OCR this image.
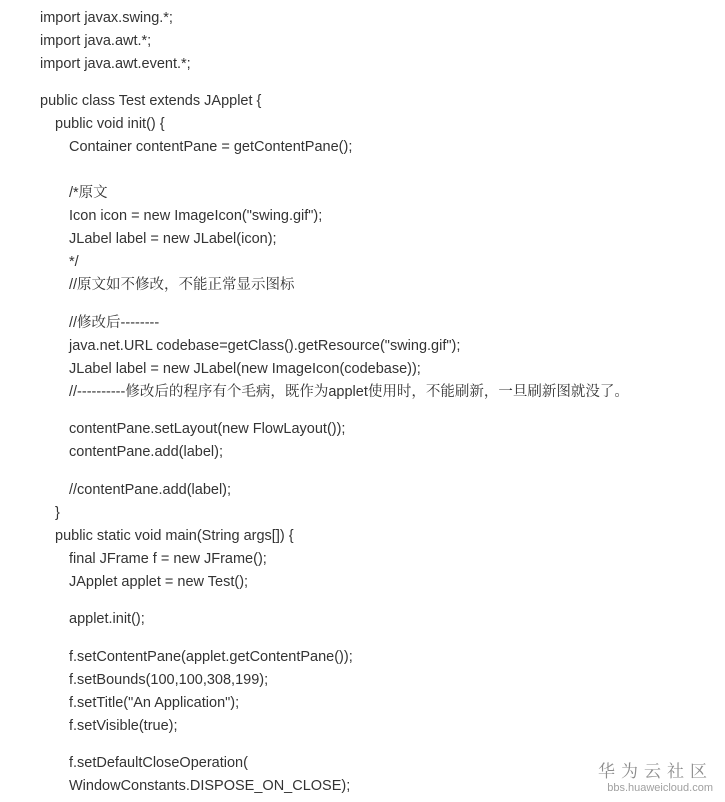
import javax.swing.*;
import java.awt.*;
import java.awt.event.*;
public class Test extends JApplet {
public void init() {
Container contentPane = getContentPane();
/*原文
Icon icon = new ImageIcon("swing.gif");
JLabel label = new JLabel(icon);
*/
//原文如不修改，不能正常显示图标
//修改后--------
java.net.URL codebase=getClass().getResource("swing.gif");
JLabel label = new JLabel(new ImageIcon(codebase));
//----------修改后的程序有个毛病，既作为applet使用时，不能刷新，一旦刷新图就没了。
contentPane.setLayout(new FlowLayout());
contentPane.add(label);
//contentPane.add(label);
}
public static void main(String args[]) {
final JFrame f = new JFrame();
JApplet applet = new Test();
applet.init();
f.setContentPane(applet.getContentPane());
f.setBounds(100,100,308,199);
f.setTitle("An Application");
f.setVisible(true);
f.setDefaultCloseOperation(
WindowConstants.DISPOSE_ON_CLOSE);
华为云社区
bbs.huaweicloud.com
